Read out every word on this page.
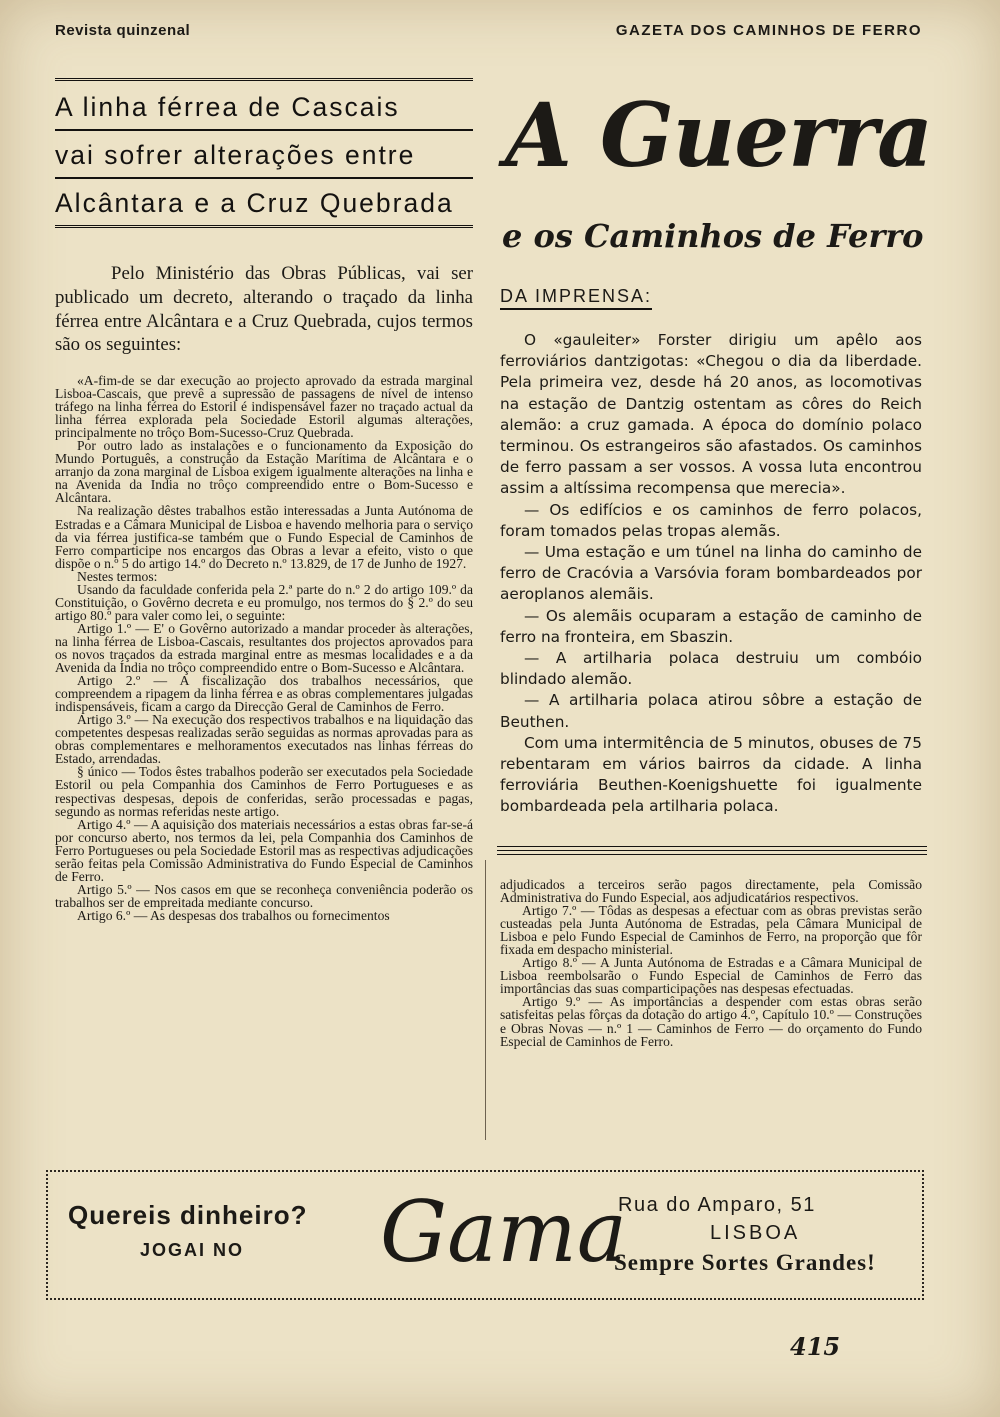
Revista quinzenal	GAZETA DOS CAMINHOS DE FERRO
A linha férrea de Cascais
vai sofrer alterações entre
Alcântara e a Cruz Quebrada
A Guerra
e os Caminhos de Ferro

Pelo Ministério das Obras Públicas, vai ser publicado um decreto, alterando o traçado da linha férrea entre Alcântara e a Cruz Quebrada, cujos termos são os seguintes:

«A-fim-de se dar execução ao projecto aprovado da estrada marginal Lisboa-Cascais, que prevê a supressão de passagens de nível de intenso tráfego na linha férrea do Estoril é indispensável fazer no traçado actual da linha férrea explorada pela Sociedade Estoril algumas alterações, principalmente no trôço Bom-Sucesso-Cruz Quebrada.

Por outro lado as instalações e o funcionamento da Exposição do Mundo Português, a construção da Estação Marítima de Alcântara e o arranjo da zona marginal de Lisboa exigem igualmente alterações na linha e na Avenida da India no trôço compreendido entre o Bom-Sucesso e Alcântara.

Na realização dêstes trabalhos estão interessadas a Junta Autónoma de Estradas e a Câmara Municipal de Lisboa e havendo melhoria para o serviço da via férrea justifica-se também que o Fundo Especial de Caminhos de Ferro comparticipe nos encargos das Obras a levar a efeito, visto o que dispõe o n.º 5 do artigo 14.º do Decreto n.º 13.829, de 17 de Junho de 1927.

Nestes termos:

Usando da faculdade conferida pela 2.ª parte do n.º 2 do artigo 109.º da Constituição, o Govêrno decreta e eu promulgo, nos termos do § 2.º do seu artigo 80.º para valer como lei, o seguinte:

Artigo 1.º — E' o Govêrno autorizado a mandar proceder às alterações, na linha férrea de Lisboa-Cascais, resultantes dos projectos aprovados para os novos traçados da estrada marginal entre as mesmas localidades e a da Avenida da Índia no trôço compreendido entre o Bom-Sucesso e Alcântara.

Artigo 2.º — A fiscalização dos trabalhos necessários, que compreendem a ripagem da linha férrea e as obras complementares julgadas indispensáveis, ficam a cargo da Direcção Geral de Caminhos de Ferro.

Artigo 3.º — Na execução dos respectivos trabalhos e na liquidação das competentes despesas realizadas serão seguidas as normas aprovadas para as obras complementares e melhoramentos executados nas linhas férreas do Estado, arrendadas.

§ único — Todos êstes trabalhos poderão ser executados pela Sociedade Estoril ou pela Companhia dos Caminhos de Ferro Portugueses e as respectivas despesas, depois de conferidas, serão processadas e pagas, segundo as normas referidas neste artigo.

Artigo 4.º — A aquisição dos materiais necessários a estas obras far-se-á por concurso aberto, nos termos da lei, pela Companhia dos Caminhos de Ferro Portugueses ou pela Sociedade Estoril mas as respectivas adjudicações serão feitas pela Comissão Administrativa do Fundo Especial de Caminhos de Ferro.

Artigo 5.º — Nos casos em que se reconheça conveniência poderão os trabalhos ser de empreitada mediante concurso.

Artigo 6.º — As despesas dos trabalhos ou fornecimentos

DA IMPRENSA:

O «gauleiter» Forster dirigiu um apêlo aos ferroviários dantzigotas: «Chegou o dia da liberdade. Pela primeira vez, desde há 20 anos, as locomotivas na estação de Dantzig ostentam as côres do Reich alemão: a cruz gamada. A época do domínio polaco terminou. Os estrangeiros são afastados. Os caminhos de ferro passam a ser vossos. A vossa luta encontrou assim a altíssima recompensa que merecia».

— Os edifícios e os caminhos de ferro polacos, foram tomados pelas tropas alemãs.

— Uma estação e um túnel na linha do caminho de ferro de Cracóvia a Varsóvia foram bombardeados por aeroplanos alemãis.

— Os alemãis ocuparam a estação de caminho de ferro na fronteira, em Sbaszin.

— A artilharia polaca destruiu um combóio blindado alemão.

— A artilharia polaca atirou sôbre a estação de Beuthen.

Com uma intermitência de 5 minutos, obuses de 75 rebentaram em vários bairros da cidade. A linha ferroviária Beuthen-Koenigshuette foi igualmente bombardeada pela artilharia polaca.

adjudicados a terceiros serão pagos directamente, pela Comissão Administrativa do Fundo Especial, aos adjudicatários respectivos.

Artigo 7.º — Tôdas as despesas a efectuar com as obras previstas serão custeadas pela Junta Autónoma de Estradas, pela Câmara Municipal de Lisboa e pelo Fundo Especial de Caminhos de Ferro, na proporção que fôr fixada em despacho ministerial.

Artigo 8.º — A Junta Autónoma de Estradas e a Câmara Municipal de Lisboa reembolsarão o Fundo Especial de Caminhos de Ferro das importâncias das suas comparticipações nas despesas efectuadas.

Artigo 9.º — As importâncias a despender com estas obras serão satisfeitas pelas fôrças da dotação do artigo 4.º, Capítulo 10.º — Construções e Obras Novas — n.º 1 — Caminhos de Ferro — do orçamento do Fundo Especial de Caminhos de Ferro.

Quereis dinheiro?
JOGAI NO Gama
Rua do Amparo, 51
LISBOA
Sempre Sortes Grandes!
415
